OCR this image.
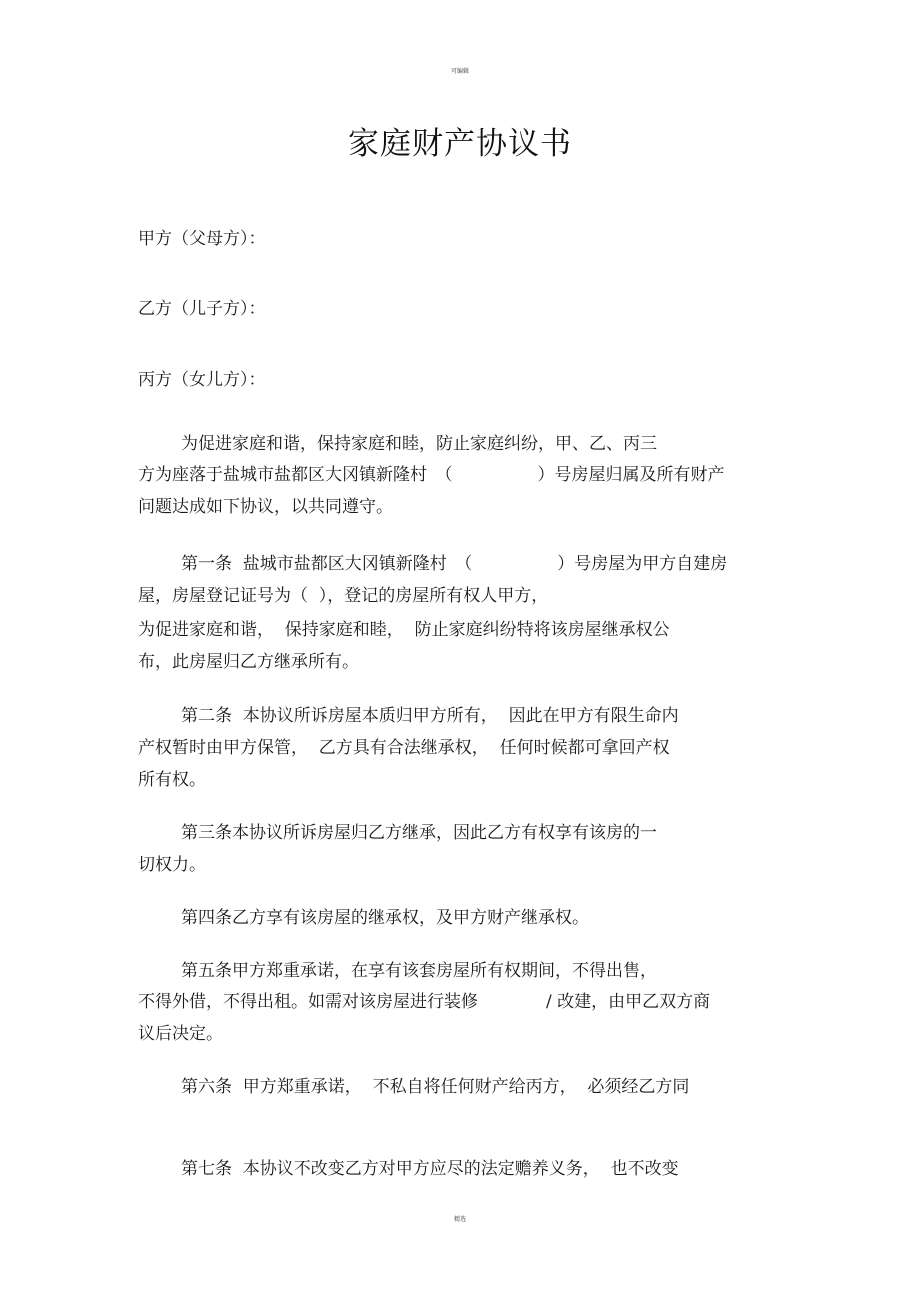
可编辑
家庭财产协议书
甲方（父母方）：
乙方（儿子方）：
丙方（女儿方）：
为促进家庭和谐，保持家庭和睦，防止家庭纠纷，甲、乙、丙三
方为座落于盐城市盐都区大冈镇新隆村　（　　　　　）号房屋归属及所有财产
问题达成如下协议，以共同遵守。
第一条  盐城市盐都区大冈镇新隆村　（　　　　　）号房屋为甲方自建房
屋，房屋登记证号为（  ），登记的房屋所有权人甲方，
为促进家庭和谐，  保持家庭和睦，  防止家庭纠纷特将该房屋继承权公
布，此房屋归乙方继承所有。
第二条  本协议所诉房屋本质归甲方所有，  因此在甲方有限生命内
产权暂时由甲方保管，  乙方具有合法继承权，  任何时候都可拿回产权
所有权。
第三条本协议所诉房屋归乙方继承，因此乙方有权享有该房的一
切权力。
第四条乙方享有该房屋的继承权，及甲方财产继承权。
第五条甲方郑重承诺，在享有该套房屋所有权期间，不得出售，
不得外借，不得出租。如需对该房屋进行装修　　　　/ 改建，由甲乙双方商
议后决定。
第六条  甲方郑重承诺，  不私自将任何财产给丙方，  必须经乙方同
第七条  本协议不改变乙方对甲方应尽的法定赡养义务，  也不改变
精选
